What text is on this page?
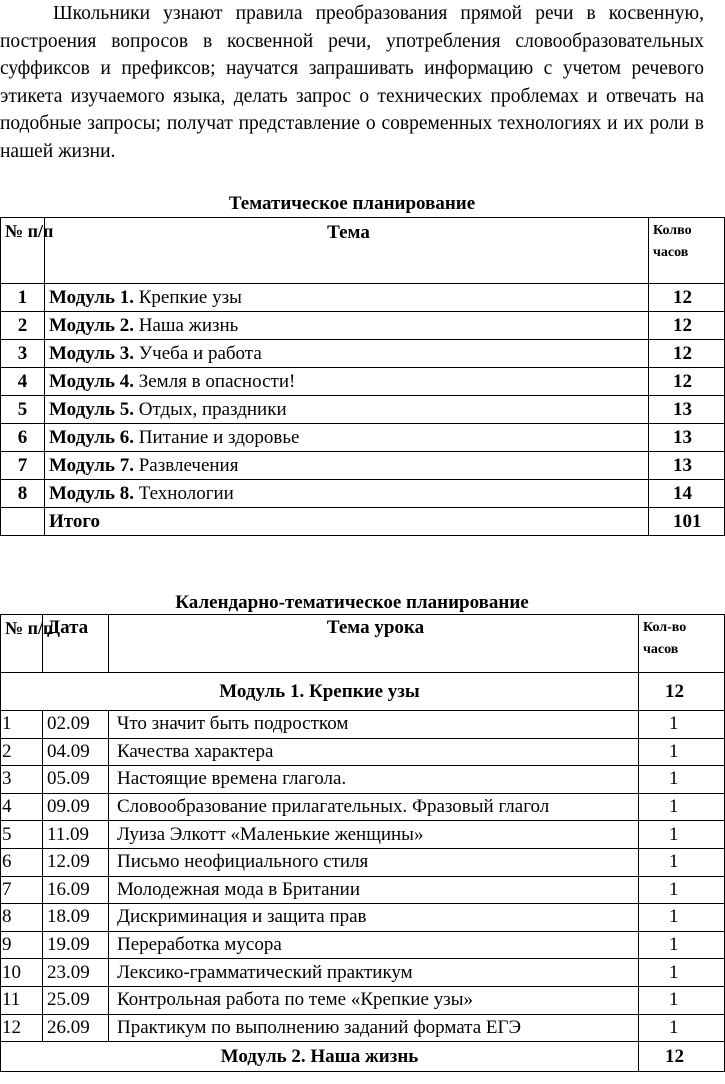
Школьники узнают правила преобразования прямой речи в косвенную, построения вопросов в косвенной речи, употребления словообразовательных суффиксов и префиксов; научатся запрашивать информацию с учетом речевого этикета изучаемого языка, делать запрос о технических проблемах и отвечать на подобные запросы; получат представление о современных технологиях и их роли в нашей жизни.
Тематическое планирование
№ п/п	Тема	Колво часов
1	Модуль 1. Крепкие узы	12
2	Модуль 2. Наша жизнь	12
3	Модуль 3. Учеба и работа	12
4	Модуль 4. Земля в опасности!	12
5	Модуль 5. Отдых, праздники	13
6	Модуль 6. Питание и здоровье	13
7	Модуль 7. Развлечения	13
8	Модуль 8. Технологии	14
	Итого	101
Календарно-тематическое планирование
№ п/п	Дата	Тема урока	Кол-во часов
Модуль 1. Крепкие узы			12
1	02.09	Что значит быть подростком	1
2	04.09	Качества характера	1
3	05.09	Настоящие времена глагола.	1
4	09.09	Словообразование прилагательных. Фразовый глагол	1
5	11.09	Луиза Элкотт «Маленькие женщины»	1
6	12.09	Письмо неофициального стиля	1
7	16.09	Молодежная мода в Британии	1
8	18.09	Дискриминация и защита прав	1
9	19.09	Переработка мусора	1
10	23.09	Лексико-грамматический практикум	1
11	25.09	Контрольная работа по теме «Крепкие узы»	1
12	26.09	Практикум по выполнению заданий формата ЕГЭ	1
Модуль 2. Наша жизнь			12
